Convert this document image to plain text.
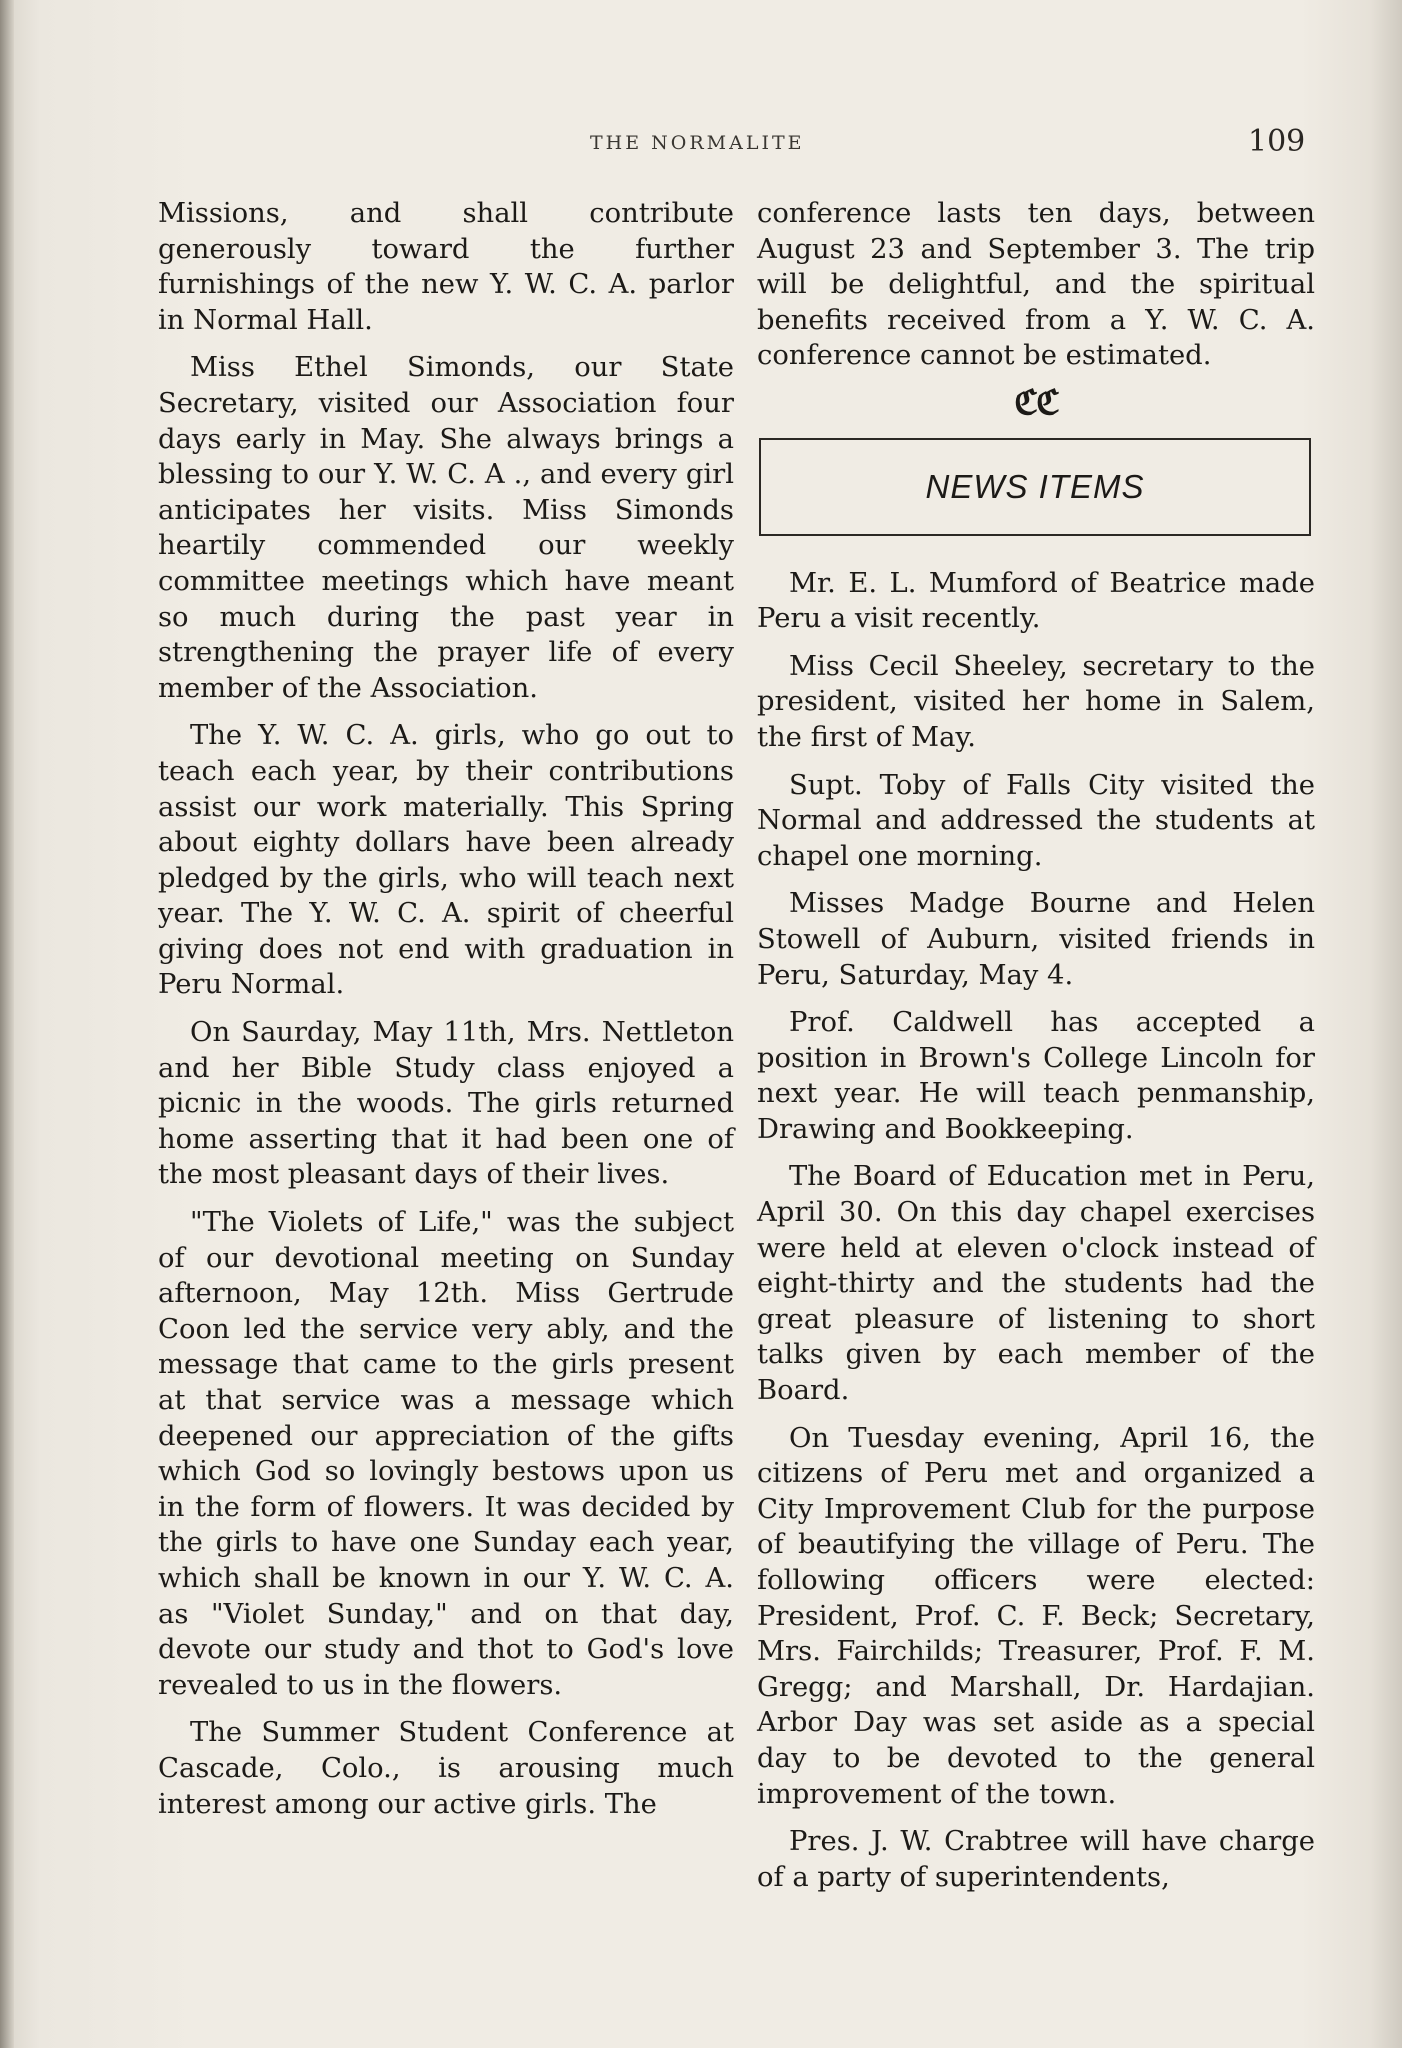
THE NORMALITE	109

Missions, and shall contribute generously toward the further furnishings of the new Y. W. C. A. parlor in Normal Hall.

Miss Ethel Simonds, our State Secretary, visited our Association four days early in May. She always brings a blessing to our Y. W. C. A ., and every girl anticipates her visits. Miss Simonds heartily commended our weekly committee meetings which have meant so much during the past year in strengthening the prayer life of every member of the Association.

The Y. W. C. A. girls, who go out to teach each year, by their contributions assist our work materially. This Spring about eighty dollars have been already pledged by the girls, who will teach next year. The Y. W. C. A. spirit of cheerful giving does not end with graduation in Peru Normal.

On Saurday, May 11th, Mrs. Nettleton and her Bible Study class enjoyed a picnic in the woods. The girls returned home asserting that it had been one of the most pleasant days of their lives.

"The Violets of Life," was the subject of our devotional meeting on Sunday afternoon, May 12th. Miss Gertrude Coon led the service very ably, and the message that came to the girls present at that service was a message which deepened our appreciation of the gifts which God so lovingly bestows upon us in the form of flowers. It was decided by the girls to have one Sunday each year, which shall be known in our Y. W. C. A. as "Violet Sunday," and on that day, devote our study and thot to God's love revealed to us in the flowers.

The Summer Student Conference at Cascade, Colo., is arousing much interest among our active girls. The

conference lasts ten days, between August 23 and September 3. The trip will be delightful, and the spiritual benefits received from a Y. W. C. A. conference cannot be estimated.

ℭℭ
NEWS ITEMS

Mr. E. L. Mumford of Beatrice made Peru a visit recently.

Miss Cecil Sheeley, secretary to the president, visited her home in Salem, the first of May.

Supt. Toby of Falls City visited the Normal and addressed the students at chapel one morning.

Misses Madge Bourne and Helen Stowell of Auburn, visited friends in Peru, Saturday, May 4.

Prof. Caldwell has accepted a position in Brown's College Lincoln for next year. He will teach penmanship, Drawing and Bookkeeping.

The Board of Education met in Peru, April 30. On this day chapel exercises were held at eleven o'clock instead of eight-thirty and the students had the great pleasure of listening to short talks given by each member of the Board.

On Tuesday evening, April 16, the citizens of Peru met and organized a City Improvement Club for the purpose of beautifying the village of Peru. The following officers were elected: President, Prof. C. F. Beck; Secretary, Mrs. Fairchilds; Treasurer, Prof. F. M. Gregg; and Marshall, Dr. Hardajian. Arbor Day was set aside as a special day to be devoted to the general improvement of the town.

Pres. J. W. Crabtree will have charge of a party of superintendents,
